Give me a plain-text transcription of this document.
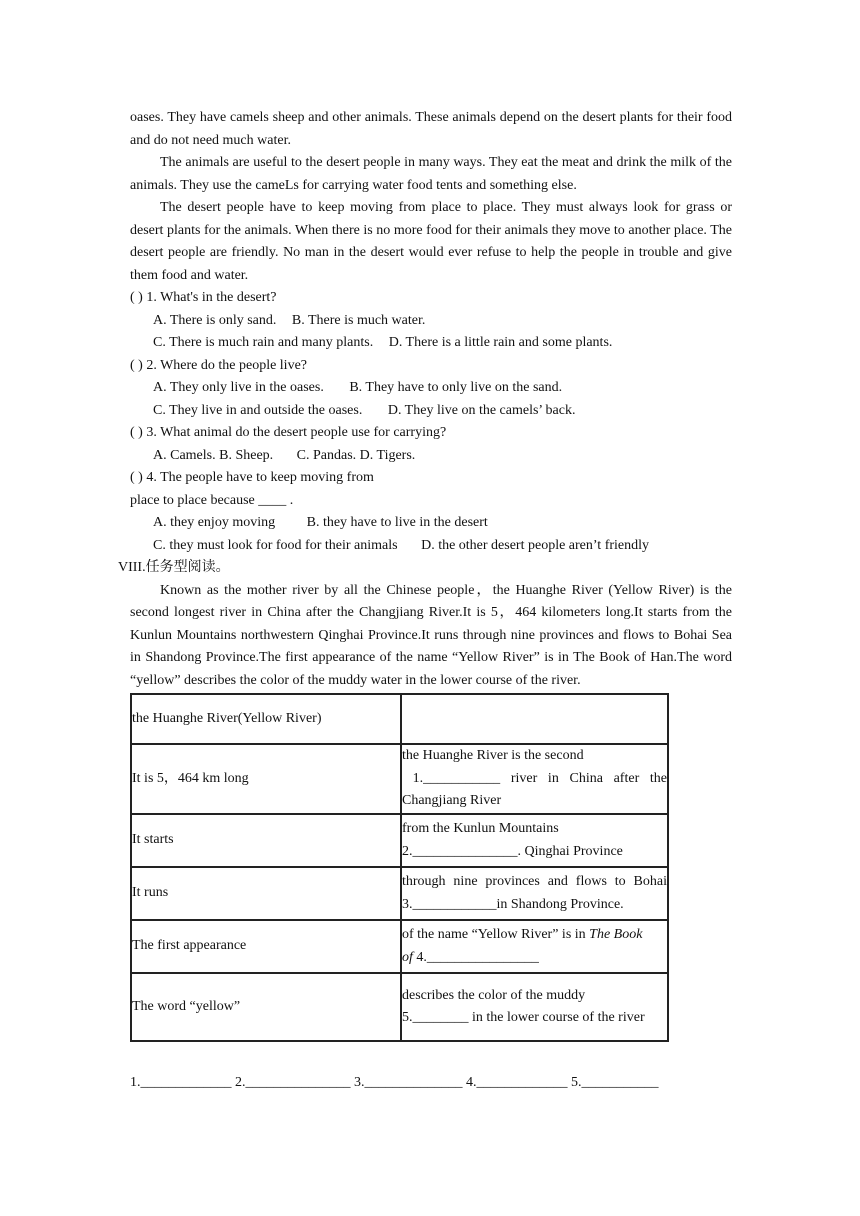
oases. They have camels sheep and other animals. These animals depend on the desert plants for their food and do not need much water.

The animals are useful to the desert people in many ways. They eat the meat and drink the milk of the animals. They use the cameLs for carrying water food tents and something else.

The desert people have to keep moving from place to place. They must always look for grass or desert plants for the animals. When there is no more food for their animals they move to another place. The desert people are friendly. No man in the desert would ever refuse to help the people in trouble and give them food and water.

( ) 1. What's in the desert?
A. There is only sand. B. There is much water.
C. There is much rain and many plants. D. There is a little rain and some plants.
( ) 2. Where do the people live?
A. They only live in the oases. B. They have to only live on the sand.
C. They live in and outside the oases. D. They live on the camels’ back.
( ) 3. What animal do the desert people use for carrying?
A. Camels. B. Sheep. C. Pandas. D. Tigers.
( ) 4. The people have to keep moving from
place to place because ____ .
A. they enjoy moving B. they have to live in the desert
C. they must look for food for their animals D. the other desert people aren’t friendly
VIII.任务型阅读。

Known as the mother river by all the Chinese people，the Huanghe River (Yellow River) is the second longest river in China after the Changjiang River.It is 5，464 kilometers long.It starts from the Kunlun Mountains northwestern Qinghai Province.It runs through nine provinces and flows to Bohai Sea in Shandong Province.The first appearance of the name “Yellow River” is in The Book of Han.The word “yellow” describes the color of the muddy water in the lower course of the river.

the Huanghe River(Yellow River)	
It is 5，464 km long	the Huanghe River is the second
1.___________ river in China after the Changjiang River

It starts	from the Kunlun Mountains
2._______________. Qinghai Province

It runs	through nine provinces and flows to Bohai
3.____________in Shandong Province.

The first appearance	of the name “Yellow River” is in The Book
of 4.________________

The word “yellow”	describes the color of the muddy
5.________ in the lower course of the river
1._____________ 2._______________ 3.______________ 4._____________ 5.___________
